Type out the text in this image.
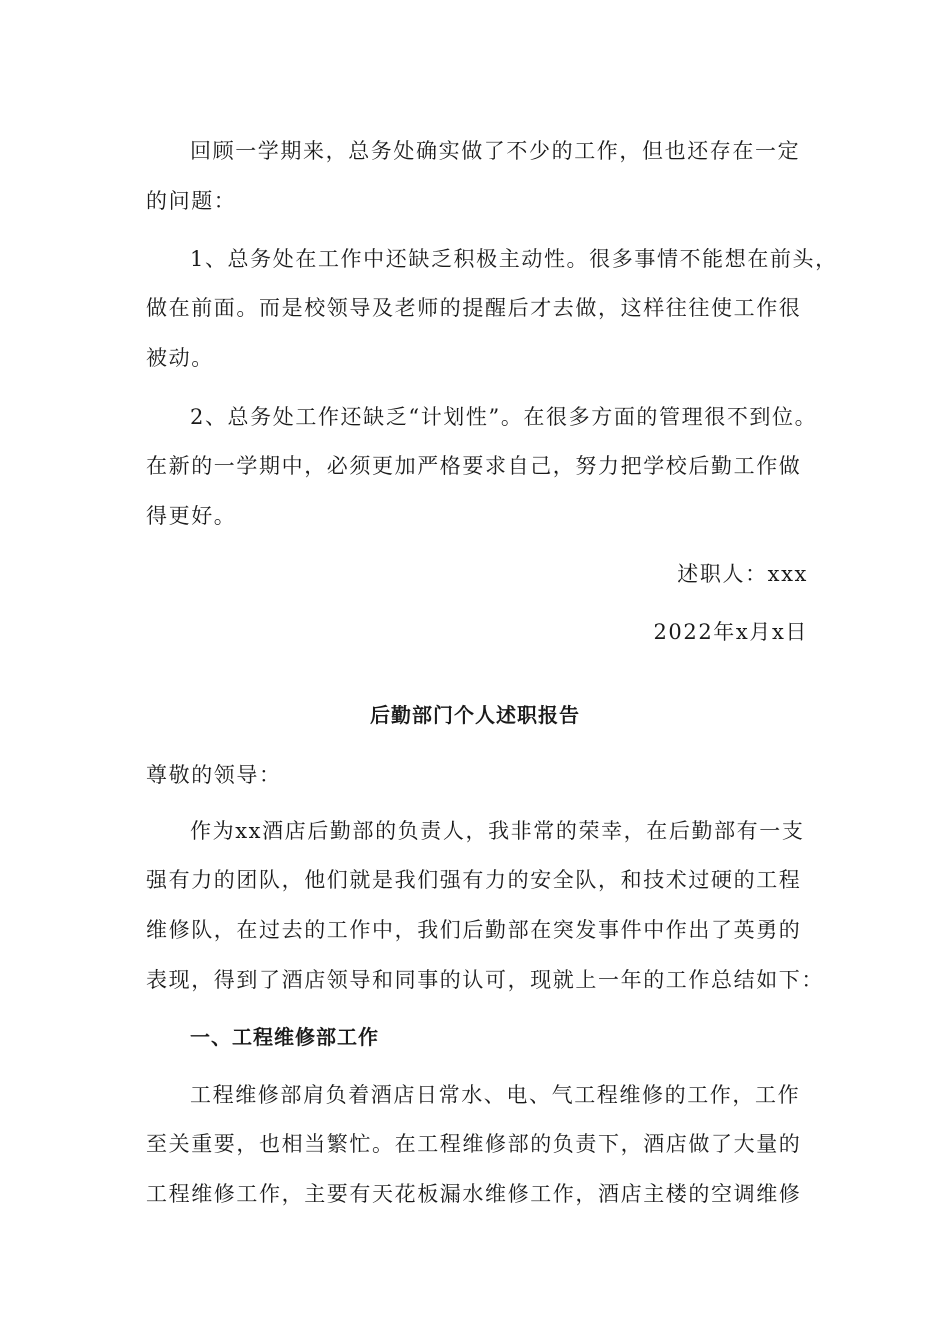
回顾一学期来，总务处确实做了不少的工作，但也还存在一定
的问题：
1、总务处在工作中还缺乏积极主动性。很多事情不能想在前头，
做在前面。而是校领导及老师的提醒后才去做，这样往往使工作很
被动。
2、总务处工作还缺乏“计划性”。在很多方面的管理很不到位。
在新的一学期中，必须更加严格要求自己，努力把学校后勤工作做
得更好。
述职人：xxx
2022年x月x日
后勤部门个人述职报告
尊敬的领导：
作为xx酒店后勤部的负责人，我非常的荣幸，在后勤部有一支
强有力的团队，他们就是我们强有力的安全队，和技术过硬的工程
维修队，在过去的工作中，我们后勤部在突发事件中作出了英勇的
表现，得到了酒店领导和同事的认可，现就上一年的工作总结如下：
一、工程维修部工作
工程维修部肩负着酒店日常水、电、气工程维修的工作，工作
至关重要，也相当繁忙。在工程维修部的负责下，酒店做了大量的
工程维修工作，主要有天花板漏水维修工作，酒店主楼的空调维修
